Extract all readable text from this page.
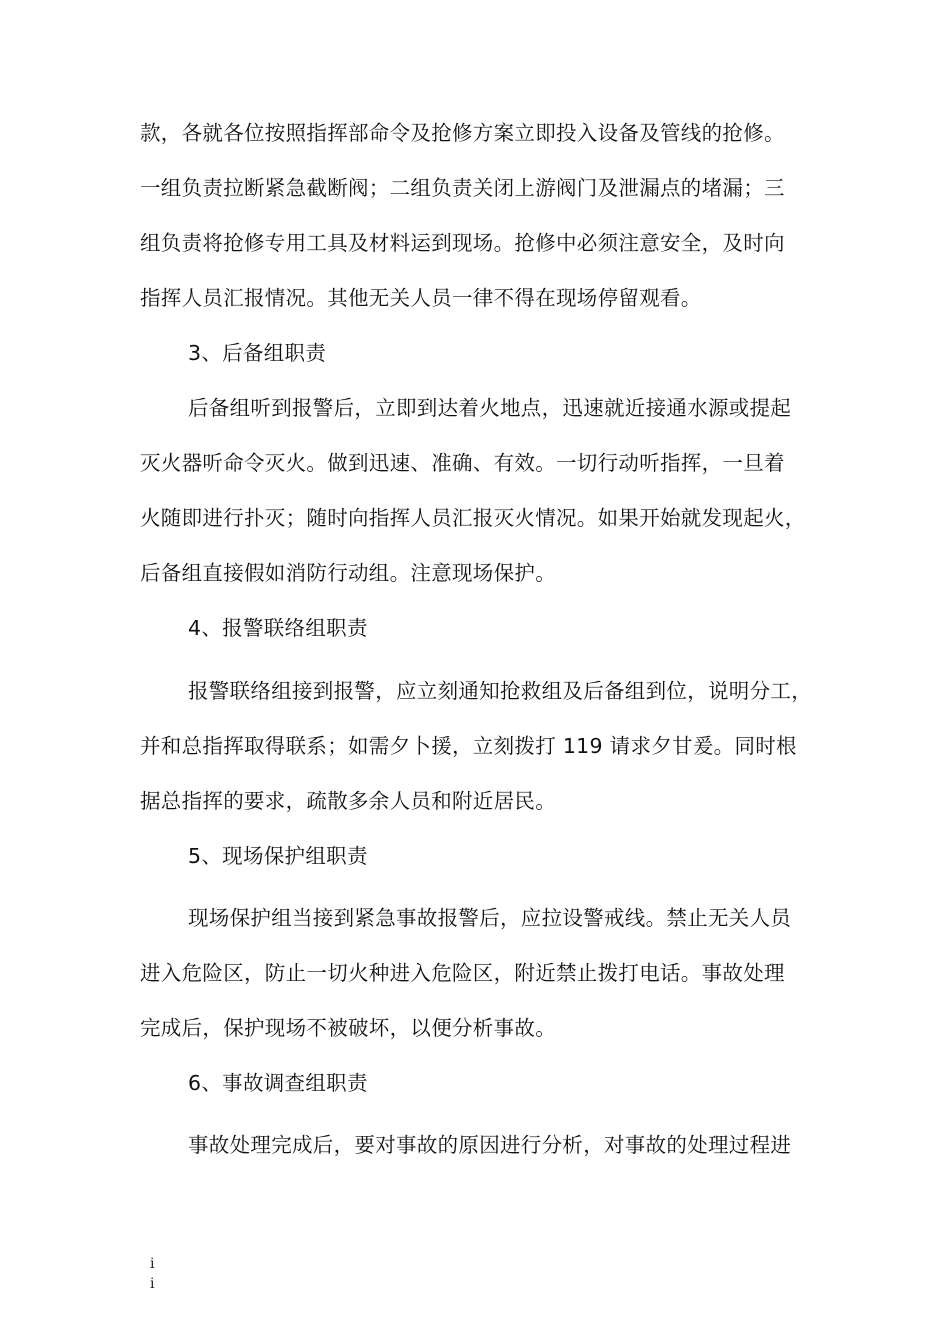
款，各就各位按照指挥部命令及抢修方案立即投入设备及管线的抢修。
一组负责拉断紧急截断阀；二组负责关闭上游阀门及泄漏点的堵漏；三
组负责将抢修专用工具及材料运到现场。抢修中必须注意安全，及时向
指挥人员汇报情况。其他无关人员一律不得在现场停留观看。
3、后备组职责
后备组听到报警后，立即到达着火地点，迅速就近接通水源或提起
灭火器听命令灭火。做到迅速、准确、有效。一切行动听指挥，一旦着
火随即进行扑灭；随时向指挥人员汇报灭火情况。如果开始就发现起火，
后备组直接假如消防行动组。注意现场保护。
4、报警联络组职责
报警联络组接到报警，应立刻通知抢救组及后备组到位，说明分工，
并和总指挥取得联系；如需夕卜援，立刻拨打 119 请求夕甘爰。同时根
据总指挥的要求，疏散多余人员和附近居民。
5、现场保护组职责
现场保护组当接到紧急事故报警后，应拉设警戒线。禁止无关人员
进入危险区，防止一切火种进入危险区，附近禁止拨打电话。事故处理
完成后，保护现场不被破坏，以便分析事故。
6、事故调查组职责
事故处理完成后，要对事故的原因进行分析，对事故的处理过程进
i
i
